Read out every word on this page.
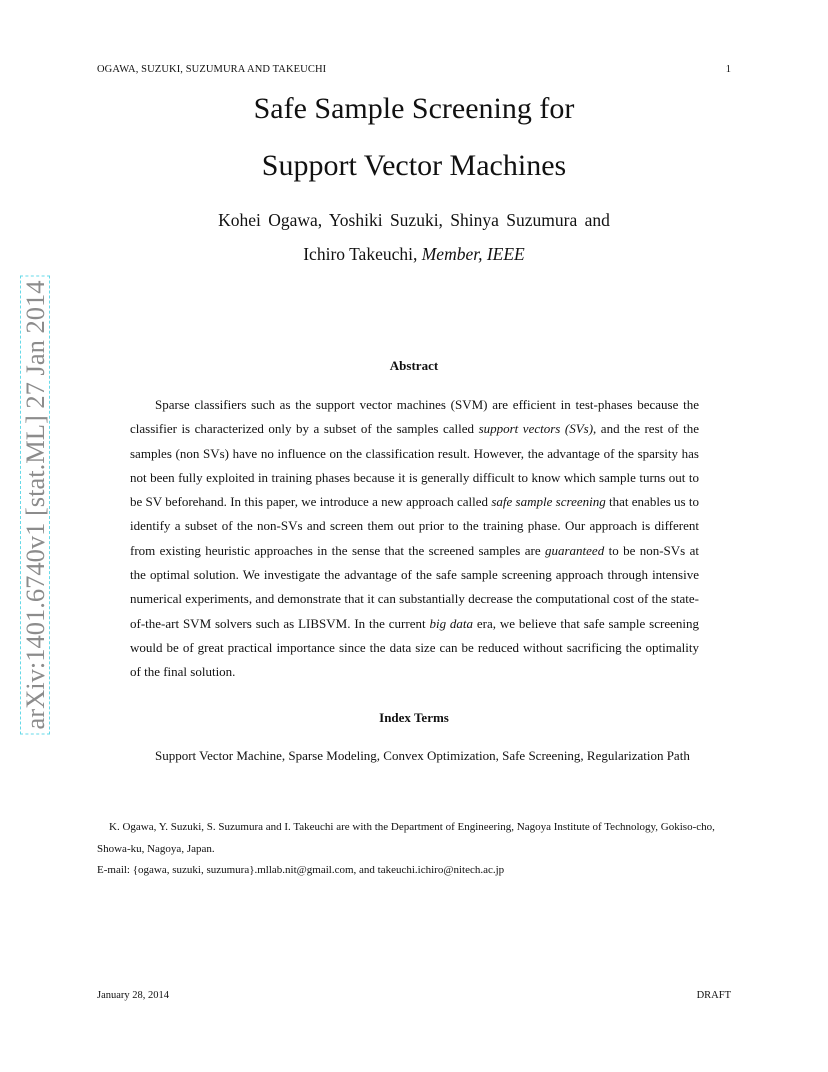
OGAWA, SUZUKI, SUZUMURA AND TAKEUCHI	1
arXiv:1401.6740v1 [stat.ML] 27 Jan 2014
Safe Sample Screening for
Support Vector Machines
Kohei Ogawa, Yoshiki Suzuki, Shinya Suzumura and
Ichiro Takeuchi, Member, IEEE
Abstract
Sparse classifiers such as the support vector machines (SVM) are efficient in test-phases because the classifier is characterized only by a subset of the samples called support vectors (SVs), and the rest of the samples (non SVs) have no influence on the classification result. However, the advantage of the sparsity has not been fully exploited in training phases because it is generally difficult to know which sample turns out to be SV beforehand. In this paper, we introduce a new approach called safe sample screening that enables us to identify a subset of the non-SVs and screen them out prior to the training phase. Our approach is different from existing heuristic approaches in the sense that the screened samples are guaranteed to be non-SVs at the optimal solution. We investigate the advantage of the safe sample screening approach through intensive numerical experiments, and demonstrate that it can substantially decrease the computational cost of the state-of-the-art SVM solvers such as LIBSVM. In the current big data era, we believe that safe sample screening would be of great practical importance since the data size can be reduced without sacrificing the optimality of the final solution.
Index Terms
Support Vector Machine, Sparse Modeling, Convex Optimization, Safe Screening, Regularization Path
K. Ogawa, Y. Suzuki, S. Suzumura and I. Takeuchi are with the Department of Engineering, Nagoya Institute of Technology, Gokiso-cho, Showa-ku, Nagoya, Japan.
E-mail: {ogawa, suzuki, suzumura}.mllab.nit@gmail.com, and takeuchi.ichiro@nitech.ac.jp
January 28, 2014	DRAFT
